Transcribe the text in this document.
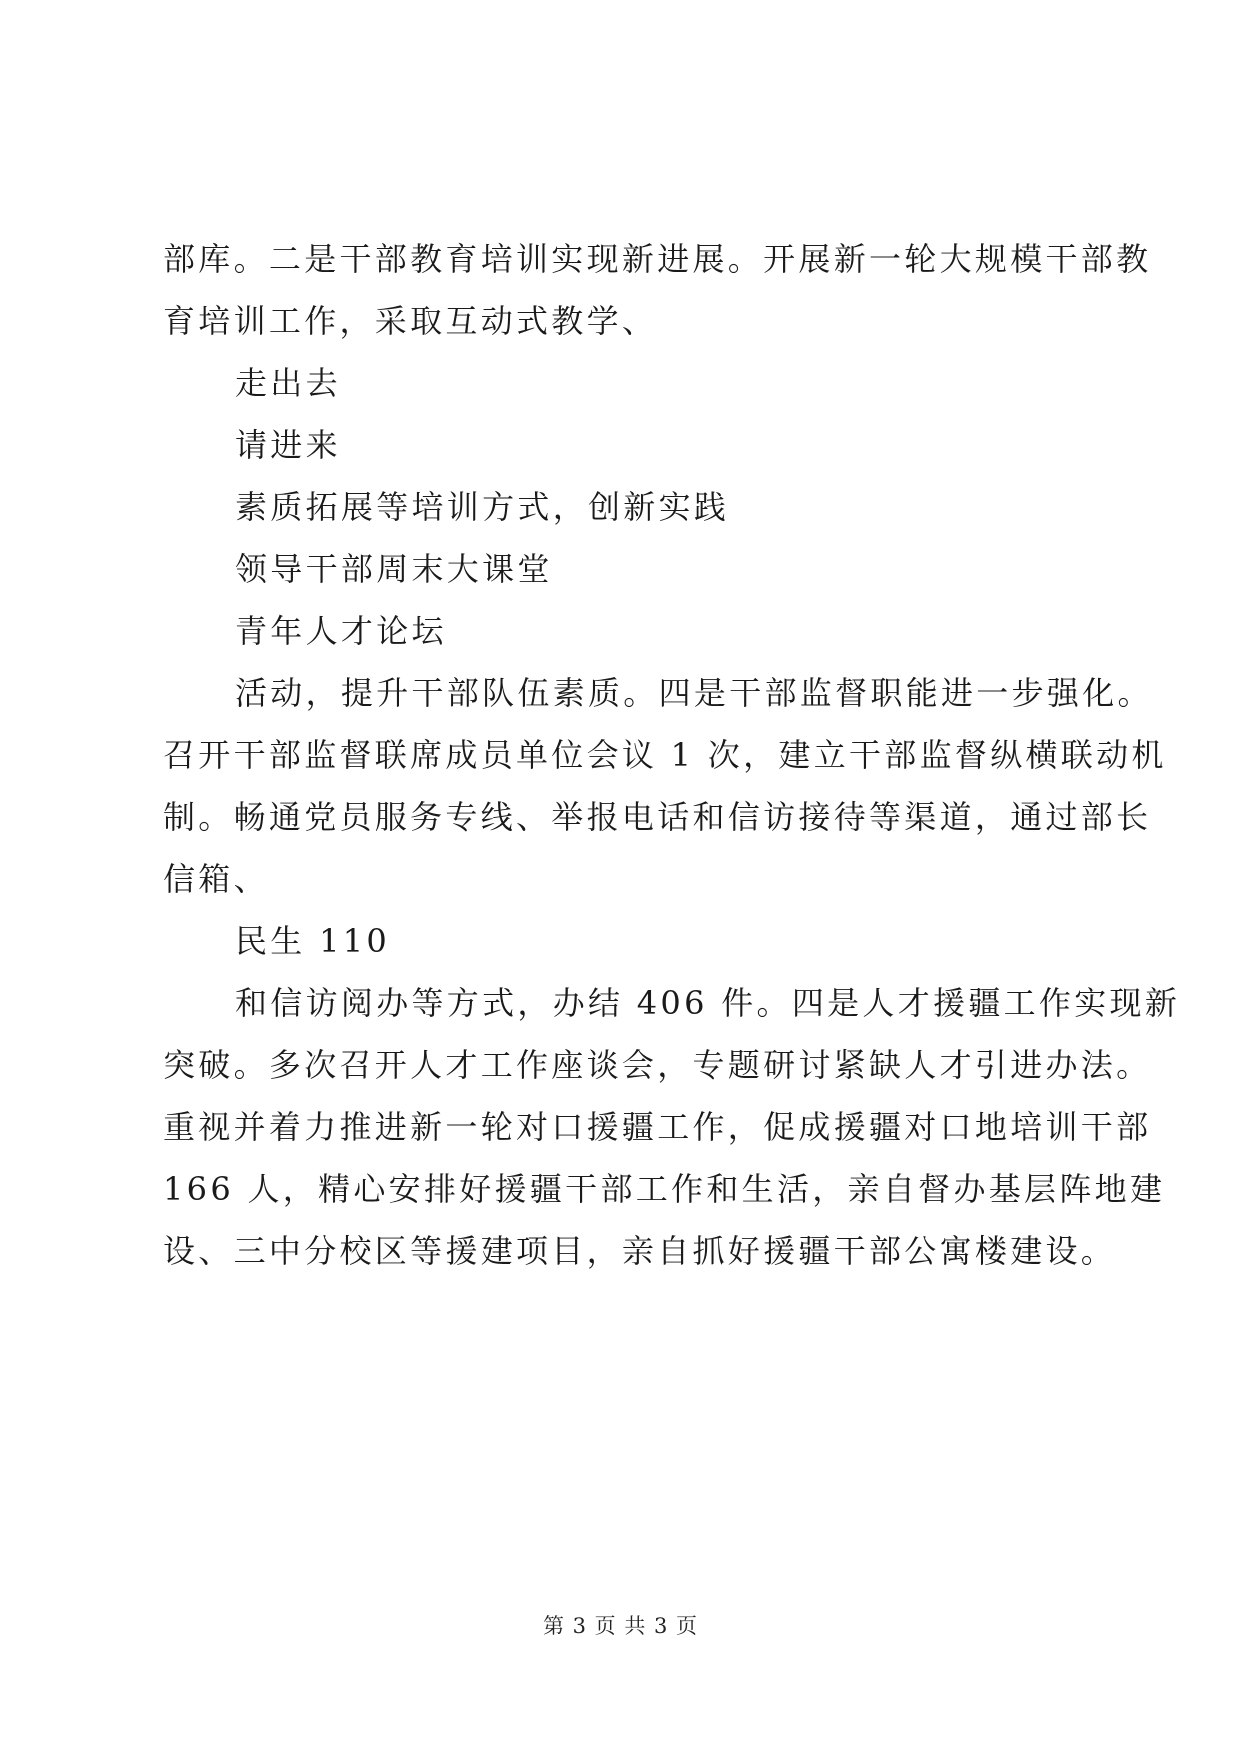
部库。二是干部教育培训实现新进展。开展新一轮大规模干部教
育培训工作，采取互动式教学、
走出去
请进来
素质拓展等培训方式，创新实践
领导干部周末大课堂
青年人才论坛
活动，提升干部队伍素质。四是干部监督职能进一步强化。
召开干部监督联席成员单位会议 1 次，建立干部监督纵横联动机
制。畅通党员服务专线、举报电话和信访接待等渠道，通过部长
信箱、
民生 110
和信访阅办等方式，办结 406 件。四是人才援疆工作实现新
突破。多次召开人才工作座谈会，专题研讨紧缺人才引进办法。
重视并着力推进新一轮对口援疆工作，促成援疆对口地培训干部
166 人，精心安排好援疆干部工作和生活，亲自督办基层阵地建
设、三中分校区等援建项目，亲自抓好援疆干部公寓楼建设。
第 3 页 共 3 页
